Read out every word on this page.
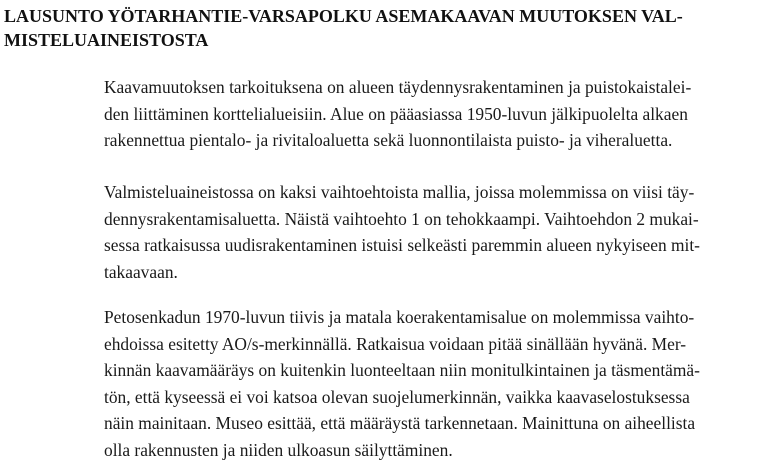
LAUSUNTO YÖTARHANTIE-VARSAPOLKU ASEMAKAAVAN MUUTOKSEN VAL-
MISTELUAINEISTOSTA

Kaavamuutoksen tarkoituksena on alueen täydennysrakentaminen ja puistokaistalei-
den liittäminen korttelialueisiin. Alue on pääasiassa 1950-luvun jälkipuolelta alkaen
rakennettua pientalo- ja rivitaloaluetta sekä luonnontilaista puisto- ja viheraluetta.

Valmisteluaineistossa on kaksi vaihtoehtoista mallia, joissa molemmissa on viisi täy-
dennysrakentamisaluetta. Näistä vaihtoehto 1 on tehokkaampi. Vaihtoehdon 2 mukai-
sessa ratkaisussa uudisrakentaminen istuisi selkeästi paremmin alueen nykyiseen mit-
takaavaan.

Petosenkadun 1970-luvun tiivis ja matala koerakentamisalue on molemmissa vaihto-
ehdoissa esitetty AO/s-merkinnällä. Ratkaisua voidaan pitää sinällään hyvänä. Mer-
kinnän kaavamääräys on kuitenkin luonteeltaan niin monitulkintainen ja täsmentämä-
tön, että kyseessä ei voi katsoa olevan suojelumerkinnän, vaikka kaavaselostuksessa
näin mainitaan. Museo esittää, että määräystä tarkennetaan. Mainittuna on aiheellista
olla rakennusten ja niiden ulkoasun säilyttäminen.
